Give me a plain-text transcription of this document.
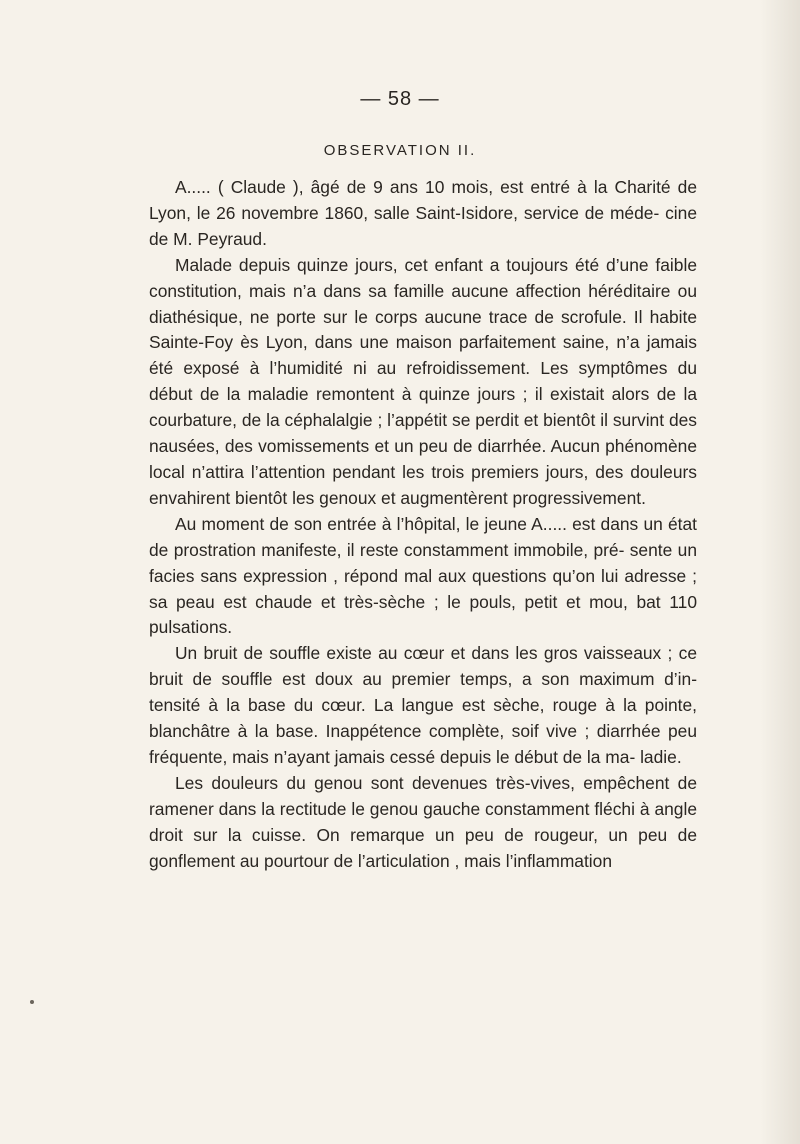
— 58 —
OBSERVATION II.

A..... ( Claude ), âgé de 9 ans 10 mois, est entré à la Charité de Lyon, le 26 novembre 1860, salle Saint-Isidore, service de méde- cine de M. Peyraud.

Malade depuis quinze jours, cet enfant a toujours été d’une faible constitution, mais n’a dans sa famille aucune affection héréditaire ou diathésique, ne porte sur le corps aucune trace de scrofule. Il habite Sainte-Foy ès Lyon, dans une maison parfaitement saine, n’a jamais été exposé à l’humidité ni au refroidissement. Les symptômes du début de la maladie remontent à quinze jours ; il existait alors de la courbature, de la céphalalgie ; l’appétit se perdit et bientôt il survint des nausées, des vomissements et un peu de diarrhée. Aucun phénomène local n’attira l’attention pendant les trois premiers jours, des douleurs envahirent bientôt les genoux et augmentèrent progressivement.

Au moment de son entrée à l’hôpital, le jeune A..... est dans un état de prostration manifeste, il reste constamment immobile, pré- sente un facies sans expression , répond mal aux questions qu’on lui adresse ; sa peau est chaude et très-sèche ; le pouls, petit et mou, bat 110 pulsations.

Un bruit de souffle existe au cœur et dans les gros vaisseaux ; ce bruit de souffle est doux au premier temps, a son maximum d’in- tensité à la base du cœur. La langue est sèche, rouge à la pointe, blanchâtre à la base. Inappétence complète, soif vive ; diarrhée peu fréquente, mais n’ayant jamais cessé depuis le début de la ma- ladie.

Les douleurs du genou sont devenues très-vives, empêchent de ramener dans la rectitude le genou gauche constamment fléchi à angle droit sur la cuisse. On remarque un peu de rougeur, un peu de gonflement au pourtour de l’articulation , mais l’inflammation
